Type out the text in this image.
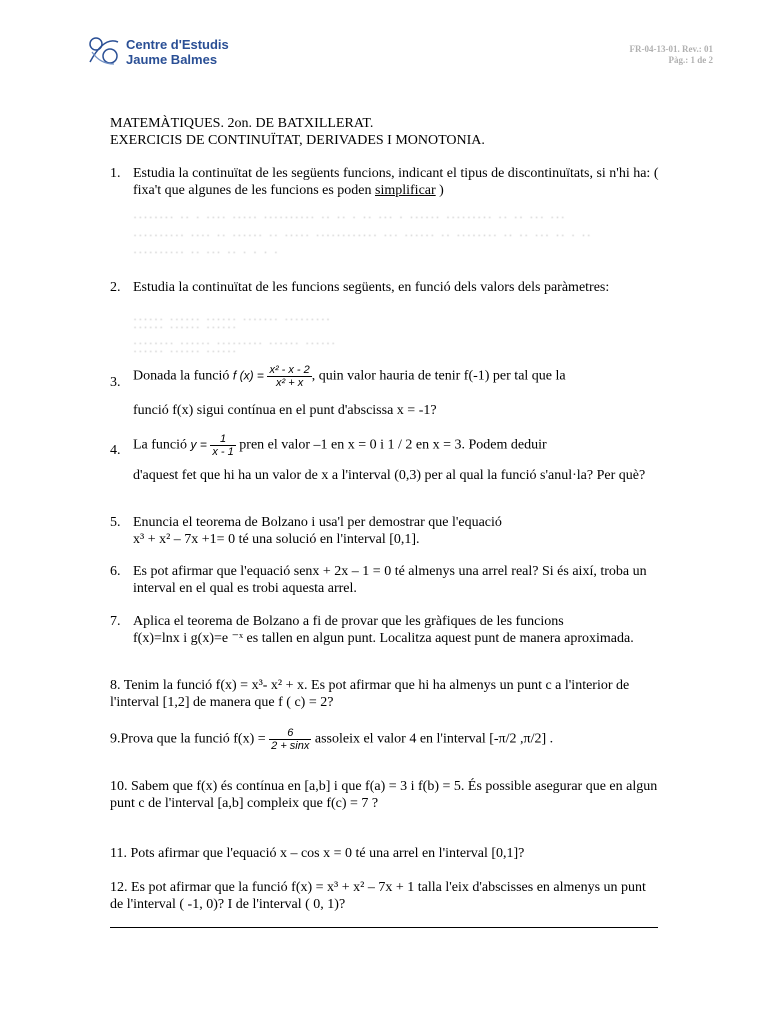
Centre d'Estudis
Jaume Balmes
FR-04-13-01. Rev.: 01
Pàg.: 1 de 2
MATEMÀTIQUES. 2on. DE BATXILLERAT.
EXERCICIS DE CONTINUÏTAT, DERIVADES I MONOTONIA.
1. Estudia la continuïtat de les següents funcions, indicant el tipus de discontinuïtats, si n'hi ha: ( fixa't que algunes de les funcions es poden simplificar )
········ ·· · ···· ····· ·········· ·· ·· · ·· ··· · ······ ········· ·· ·· ··· ···
·········· ···· ·· ······ ·· ····· ············ ··· ······ ·· ········ ·· ·· ··· ·· · ··
·········· ·· ··· ·· · · · ·
2. Estudia la continuïtat de les funcions següents, en funció dels valors dels paràmetres:
······ ······ ······ ······· ·········
······ ······ ······
········ ······ ········· ······ ······
······ ······ ······
3. Donada la funció f $(x) = \frac{\text{x² - x - 2}}{\text{x² + x}}$ , quin valor hauria de tenir f(-1) per tal que la
funció f(x) sigui contínua en el punt d'abscissa x = -1?
4. La funció $y = \frac{1}{x - 1}$ pren el valor –1 en x = 0 i 1 / 2 en x = 3. Podem deduir
d'aquest fet que hi ha un valor de x a l'interval (0,3) per al qual la funció s'anul·la? Per què?
5. Enuncia el teorema de Bolzano i usa'l per demostrar que l'equació
x³ + x² – 7x +1= 0 té una solució en l'interval [0,1].
6. Es pot afirmar que l'equació senx + 2x – 1 = 0 té almenys una arrel real? Si és així, troba un interval en el qual es trobi aquesta arrel.
7. Aplica el teorema de Bolzano a fi de provar que les gràfiques de les funcions
f(x)=lnx i g(x)=e ⁻ˣ es tallen en algun punt. Localitza aquest punt de manera aproximada.
8. Tenim la funció f(x) = x³- x² + x. Es pot afirmar que hi ha almenys un punt c a l'interior de l'interval [1,2] de manera que f ( c) = 2?
9.Prova que la funció $f(x) = \frac{6}{2 + \sin x}$ assoleix el valor 4 en l'interval [-π/2 ,π/2] .
10. Sabem que f(x) és contínua en [a,b] i que f(a) = 3 i f(b) = 5. És possible asegurar que en algun punt c de l'interval [a,b] compleix que f(c) = 7 ?
11. Pots afirmar que l'equació x – cos x = 0 té una arrel en l'interval [0,1]?
12. Es pot afirmar que la funció f(x) = x³ + x² – 7x + 1 talla l'eix d'abscisses en almenys un punt de l'interval ( -1, 0)? I de l'interval ( 0, 1)?
